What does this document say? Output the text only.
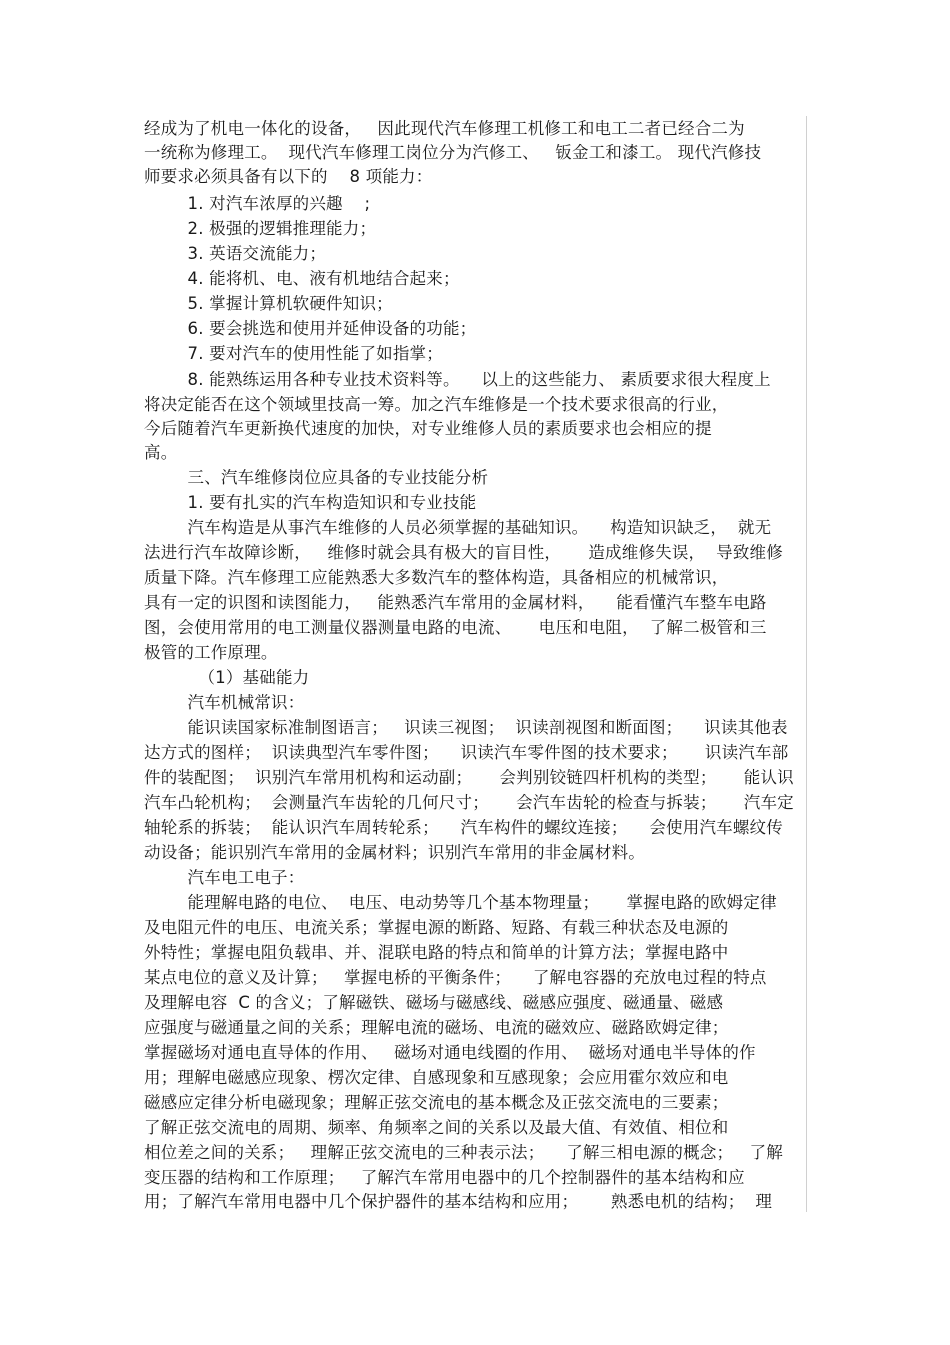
经成为了机电一体化的设备，   因此现代汽车修理工机修工和电工二者已经合二为
一统称为修理工。  现代汽车修理工岗位分为汽修工、   钣金工和漆工。 现代汽修技
师要求必须具备有以下的    8 项能力：
1. 对汽车浓厚的兴趣    ;
2. 极强的逻辑推理能力；
3. 英语交流能力；
4. 能将机、电、液有机地结合起来；
5. 掌握计算机软硬件知识；
6. 要会挑选和使用并延伸设备的功能；
7. 要对汽车的使用性能了如指掌；
8. 能熟练运用各种专业技术资料等。    以上的这些能力、 素质要求很大程度上
将决定能否在这个领域里技高一筹。加之汽车维修是一个技术要求很高的行业，
今后随着汽车更新换代速度的加快，对专业维修人员的素质要求也会相应的提
高。
三、汽车维修岗位应具备的专业技能分析
1. 要有扎实的汽车构造知识和专业技能
汽车构造是从事汽车维修的人员必须掌握的基础知识。    构造知识缺乏，  就无
法进行汽车故障诊断，   维修时就会具有极大的盲目性，     造成维修失误，  导致维修
质量下降。汽车修理工应能熟悉大多数汽车的整体构造，具备相应的机械常识，
具有一定的识图和读图能力，   能熟悉汽车常用的金属材料，    能看懂汽车整车电路
图，会使用常用的电工测量仪器测量电路的电流、     电压和电阻，  了解二极管和三
极管的工作原理。
（1）基础能力
汽车机械常识：
能识读国家标准制图语言；   识读三视图；  识读剖视图和断面图；    识读其他表
达方式的图样；  识读典型汽车零件图；    识读汽车零件图的技术要求；     识读汽车部
件的装配图；  识别汽车常用机构和运动副；     会判别铰链四杆机构的类型；     能认识
汽车凸轮机构；  会测量汽车齿轮的几何尺寸；     会汽车齿轮的检查与拆装；     汽车定
轴轮系的拆装；  能认识汽车周转轮系；    汽车构件的螺纹连接；    会使用汽车螺纹传
动设备；能识别汽车常用的金属材料；识别汽车常用的非金属材料。
汽车电工电子：
能理解电路的电位、  电压、电动势等几个基本物理量；     掌握电路的欧姆定律
及电阻元件的电压、电流关系；掌握电源的断路、短路、有载三种状态及电源的
外特性；掌握电阻负载串、并、混联电路的特点和简单的计算方法；掌握电路中
某点电位的意义及计算；   掌握电桥的平衡条件；    了解电容器的充放电过程的特点
及理解电容  C 的含义；了解磁铁、磁场与磁感线、磁感应强度、磁通量、磁感
应强度与磁通量之间的关系；理解电流的磁场、电流的磁效应、磁路欧姆定律；
掌握磁场对通电直导体的作用、   磁场对通电线圈的作用、  磁场对通电半导体的作
用；理解电磁感应现象、楞次定律、自感现象和互感现象；会应用霍尔效应和电
磁感应定律分析电磁现象；理解正弦交流电的基本概念及正弦交流电的三要素；
了解正弦交流电的周期、频率、角频率之间的关系以及最大值、有效值、相位和
相位差之间的关系；   理解正弦交流电的三种表示法；    了解三相电源的概念；   了解
变压器的结构和工作原理；   了解汽车常用电器中的几个控制器件的基本结构和应
用；了解汽车常用电器中几个保护器件的基本结构和应用；      熟悉电机的结构；  理
